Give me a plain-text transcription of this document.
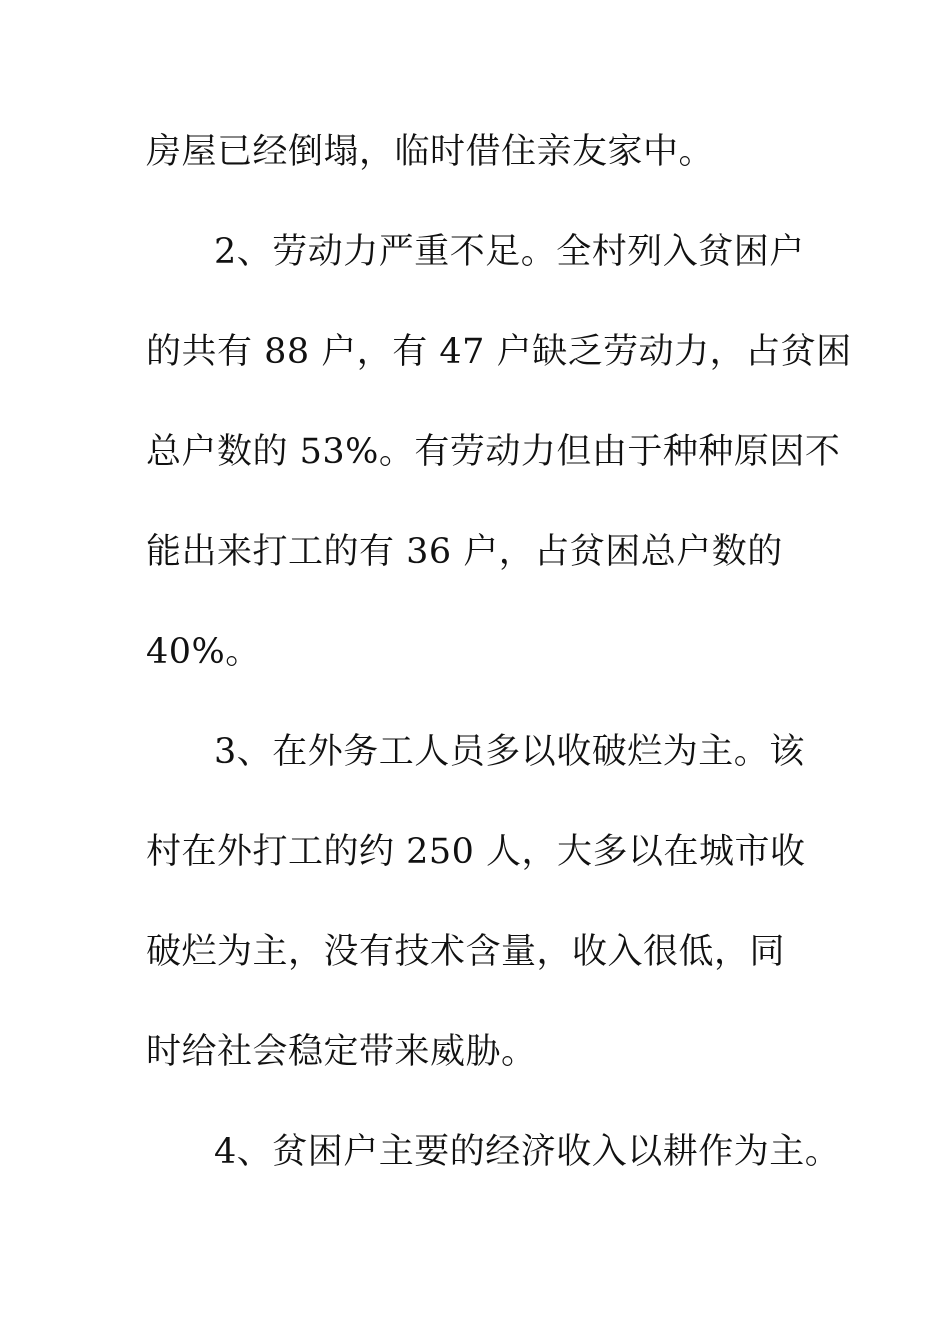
房屋已经倒塌，临时借住亲友家中。
2、劳动力严重不足。全村列入贫困户
的共有 88 户，有 47 户缺乏劳动力，占贫困
总户数的 53%。有劳动力但由于种种原因不
能出来打工的有 36 户，占贫困总户数的
40%。
3、在外务工人员多以收破烂为主。该
村在外打工的约 250 人，大多以在城市收
破烂为主，没有技术含量，收入很低，同
时给社会稳定带来威胁。
4、贫困户主要的经济收入以耕作为主。
